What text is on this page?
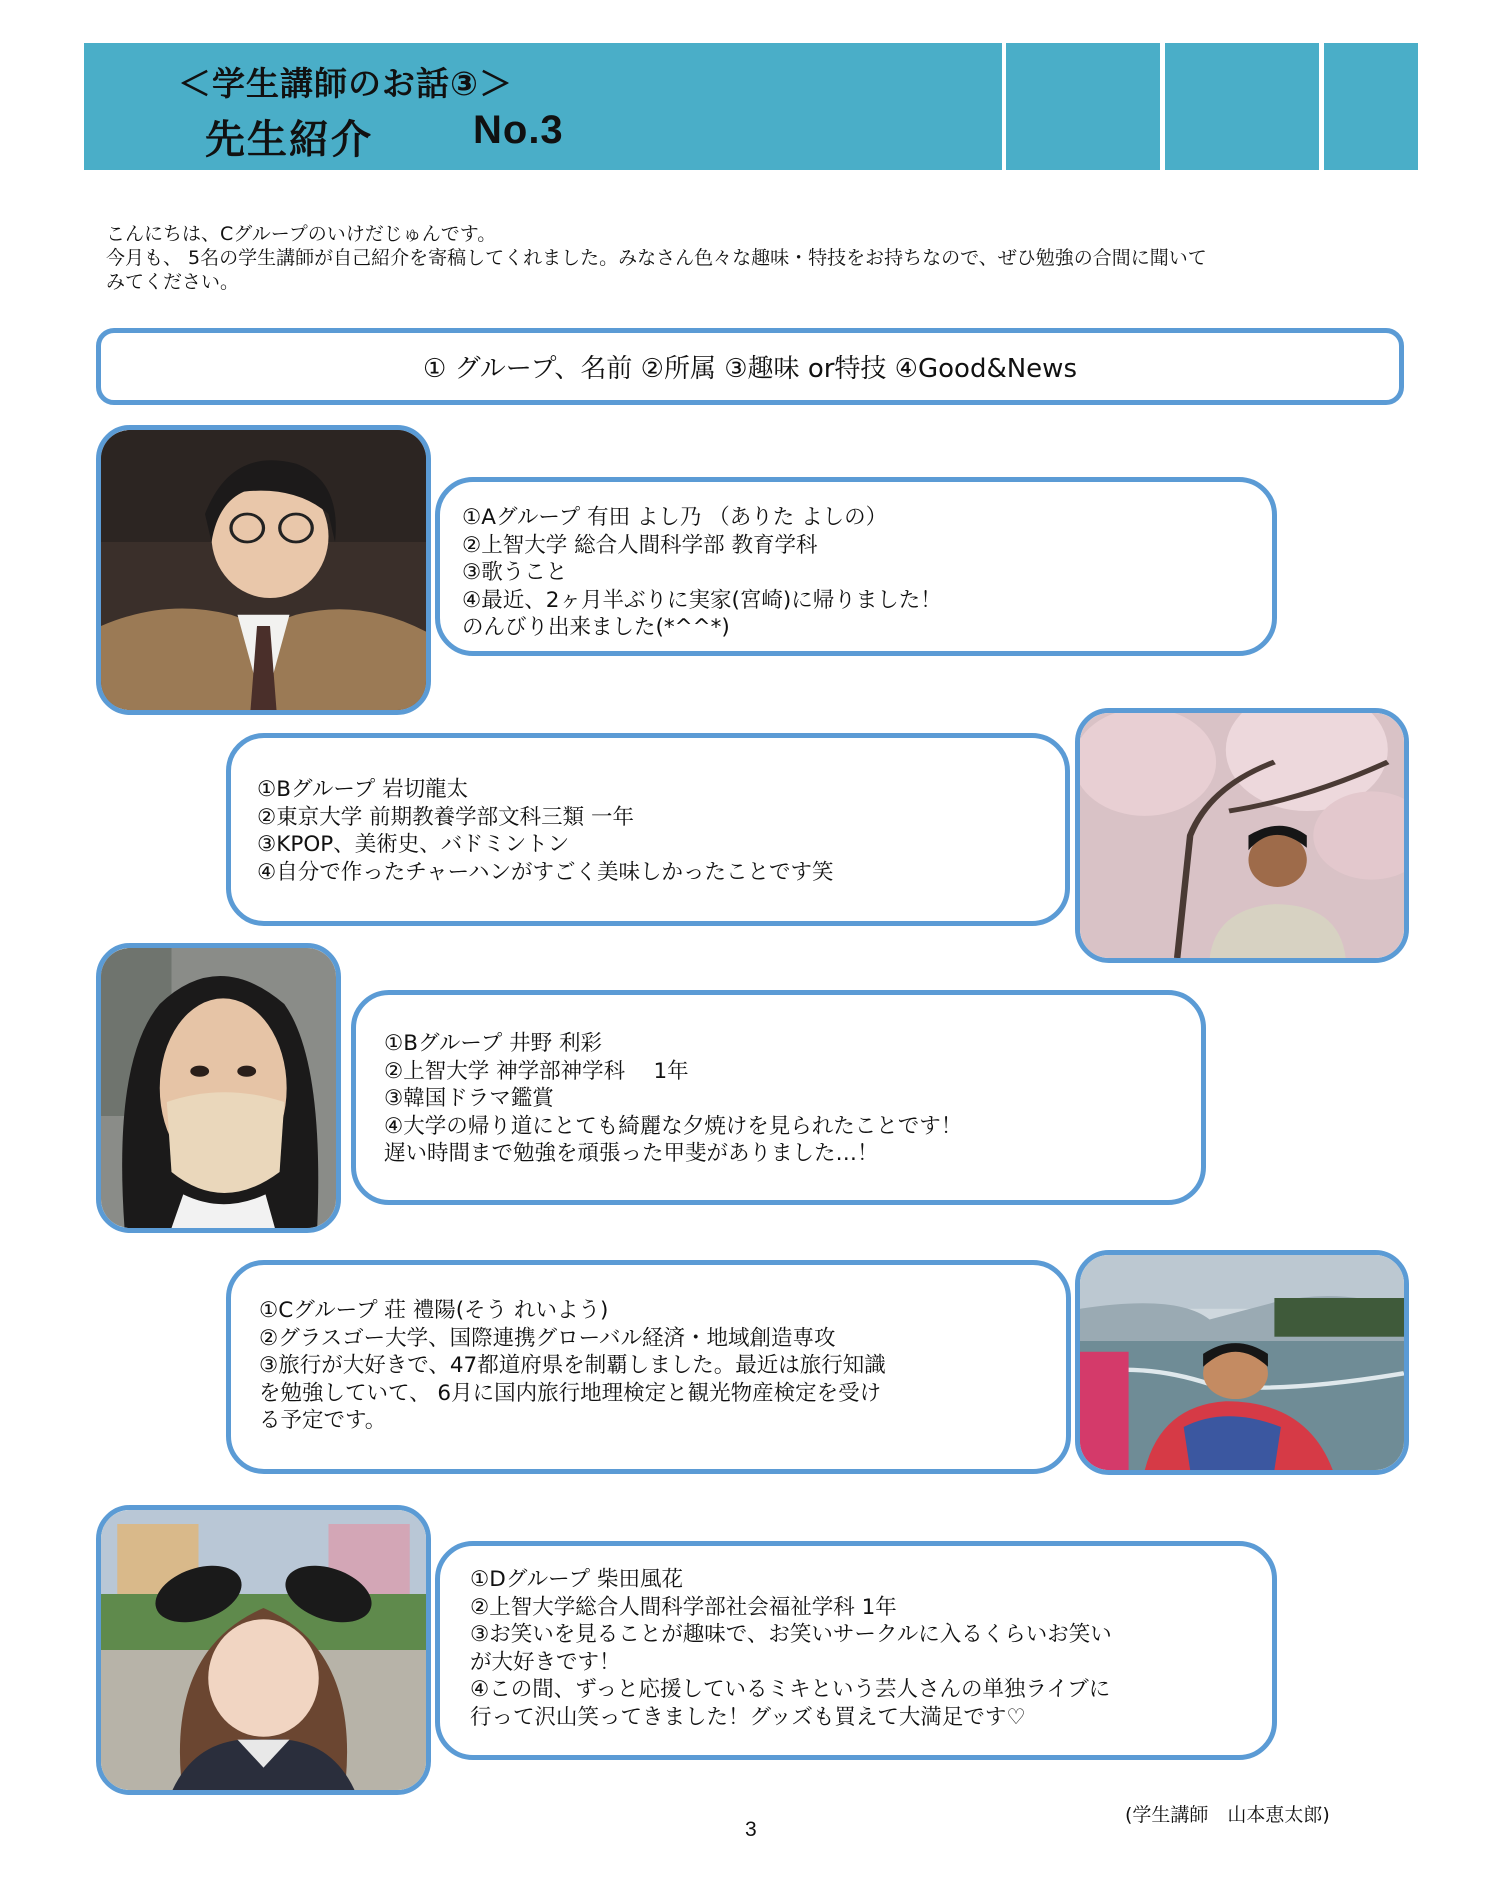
＜学生講師のお話③＞
先生紹介	No.3
こんにちは、Cグループのいけだじゅんです。
今月も、 5名の学生講師が自己紹介を寄稿してくれました。みなさん色々な趣味・特技をお持ちなので、ぜひ勉強の合間に聞いて
みてください。
① グループ、名前 ②所属 ③趣味 or特技 ④Good&News
①Aグループ 有田 よし乃 （ありた よしの）
②上智大学 総合人間科学部 教育学科
③歌うこと
④最近、2ヶ月半ぶりに実家(宮崎)に帰りました！
のんびり出来ました(*^^*)
①Bグループ 岩切龍太
②東京大学 前期教養学部文科三類 一年
③KPOP、美術史、バドミントン
④自分で作ったチャーハンがすごく美味しかったことです笑
①Bグループ 井野 利彩
②上智大学 神学部神学科 　1年
③韓国ドラマ鑑賞
④大学の帰り道にとても綺麗な夕焼けを見られたことです！
遅い時間まで勉強を頑張った甲斐がありました…！
①Cグループ 荘 禮陽(そう れいよう)
②グラスゴー大学、国際連携グローバル経済・地域創造専攻
③旅行が大好きで、47都道府県を制覇しました。最近は旅行知識
を勉強していて、 6月に国内旅行地理検定と観光物産検定を受け
る予定です。
①Dグループ 柴田風花
②上智大学総合人間科学部社会福祉学科 1年
③お笑いを見ることが趣味で、お笑いサークルに入るくらいお笑い
が大好きです！
④この間、ずっと応援しているミキという芸人さんの単独ライブに
行って沢山笑ってきました！グッズも買えて大満足です♡
(学生講師　山本恵太郎)
3
